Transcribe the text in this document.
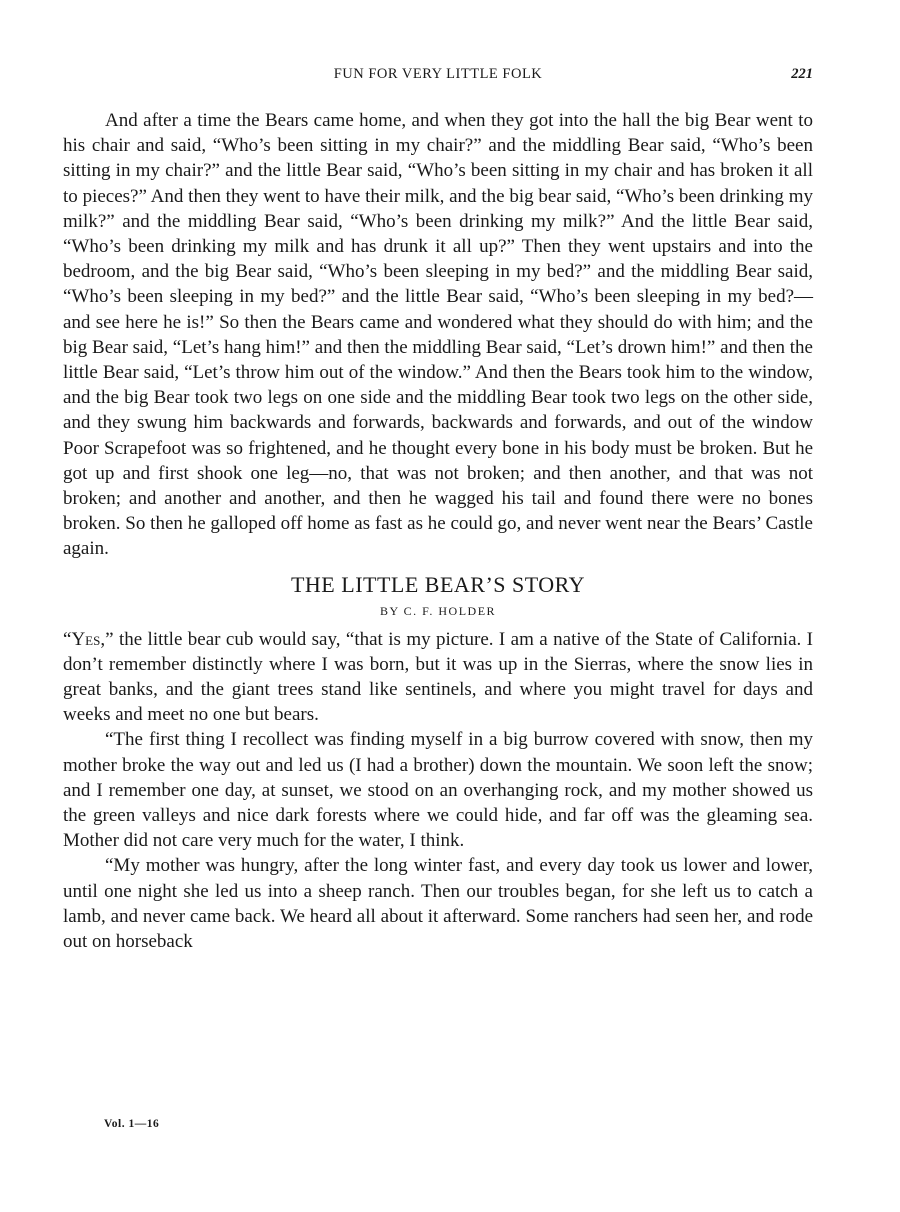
FUN FOR VERY LITTLE FOLK	221

And after a time the Bears came home, and when they got into the hall the big Bear went to his chair and said, “Who’s been sitting in my chair?” and the middling Bear said, “Who’s been sitting in my chair?” and the little Bear said, “Who’s been sitting in my chair and has broken it all to pieces?” And then they went to have their milk, and the big bear said, “Who’s been drinking my milk?” and the middling Bear said, “Who’s been drinking my milk?” And the little Bear said, “Who’s been drinking my milk and has drunk it all up?” Then they went upstairs and into the bedroom, and the big Bear said, “Who’s been sleeping in my bed?” and the middling Bear said, “Who’s been sleeping in my bed?” and the little Bear said, “Who’s been sleeping in my bed?—and see here he is!” So then the Bears came and wondered what they should do with him; and the big Bear said, “Let’s hang him!” and then the middling Bear said, “Let’s drown him!” and then the little Bear said, “Let’s throw him out of the window.” And then the Bears took him to the window, and the big Bear took two legs on one side and the middling Bear took two legs on the other side, and they swung him backwards and forwards, backwards and forwards, and out of the window Poor Scrapefoot was so frightened, and he thought every bone in his body must be broken. But he got up and first shook one leg—no, that was not broken; and then another, and that was not broken; and another and another, and then he wagged his tail and found there were no bones broken. So then he galloped off home as fast as he could go, and never went near the Bears’ Castle again.

THE LITTLE BEAR’S STORY
BY C. F. HOLDER

“Yes,” the little bear cub would say, “that is my picture. I am a native of the State of California. I don’t remember distinctly where I was born, but it was up in the Sierras, where the snow lies in great banks, and the giant trees stand like sentinels, and where you might travel for days and weeks and meet no one but bears.

“The first thing I recollect was finding myself in a big burrow covered with snow, then my mother broke the way out and led us (I had a brother) down the mountain. We soon left the snow; and I remember one day, at sunset, we stood on an overhanging rock, and my mother showed us the green valleys and nice dark forests where we could hide, and far off was the gleaming sea. Mother did not care very much for the water, I think.

“My mother was hungry, after the long winter fast, and every day took us lower and lower, until one night she led us into a sheep ranch. Then our troubles began, for she left us to catch a lamb, and never came back. We heard all about it afterward. Some ranchers had seen her, and rode out on horseback

Vol. 1—16
